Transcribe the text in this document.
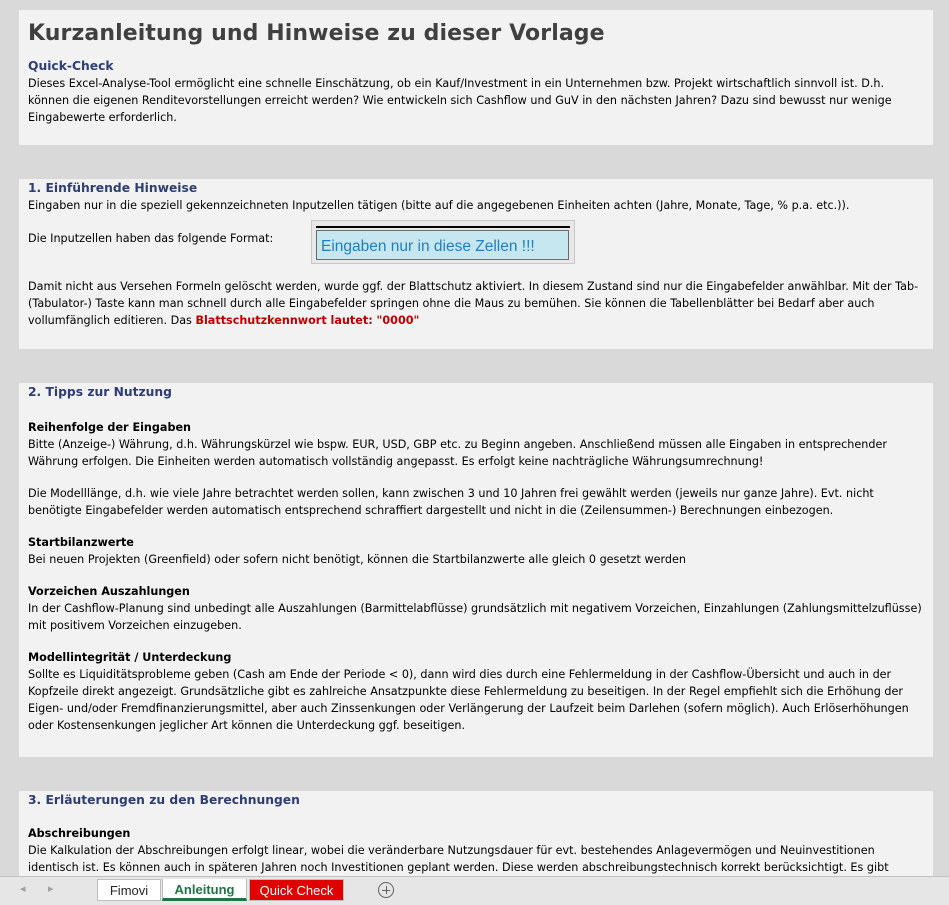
Kurzanleitung und Hinweise zu dieser Vorlage

Quick-Check

Dieses Excel-Analyse-Tool ermöglicht eine schnelle Einschätzung, ob ein Kauf/Investment in ein Unternehmen bzw. Projekt wirtschaftlich sinnvoll ist. D.h. können die eigenen Renditevorstellungen erreicht werden? Wie entwickeln sich Cashflow und GuV in den nächsten Jahren? Dazu sind bewusst nur wenige Eingabewerte erforderlich.

1. Einführende Hinweise

Eingaben nur in die speziell gekennzeichneten Inputzellen tätigen (bitte auf die angegebenen Einheiten achten (Jahre, Monate, Tage, % p.a. etc.)).

Die Inputzellen haben das folgende Format:	Eingaben nur in diese Zellen !!!

Damit nicht aus Versehen Formeln gelöscht werden, wurde ggf. der Blattschutz aktiviert. In diesem Zustand sind nur die Eingabefelder anwählbar. Mit der Tab-(Tabulator-) Taste kann man schnell durch alle Eingabefelder springen ohne die Maus zu bemühen. Sie können die Tabellenblätter bei Bedarf aber auch vollumfänglich editieren. Das Blattschutzkennwort lautet: "0000"

2. Tipps zur Nutzung

Reihenfolge der Eingaben

Bitte (Anzeige-) Währung, d.h. Währungskürzel wie bspw. EUR, USD, GBP etc. zu Beginn angeben. Anschließend müssen alle Eingaben in entsprechender Währung erfolgen. Die Einheiten werden automatisch vollständig angepasst. Es erfolgt keine nachträgliche Währungsumrechnung!

Die Modelllänge, d.h. wie viele Jahre betrachtet werden sollen, kann zwischen 3 und 10 Jahren frei gewählt werden (jeweils nur ganze Jahre). Evt. nicht benötigte Eingabefelder werden automatisch entsprechend schraffiert dargestellt und nicht in die (Zeilensummen-) Berechnungen einbezogen.

Startbilanzwerte

Bei neuen Projekten (Greenfield) oder sofern nicht benötigt, können die Startbilanzwerte alle gleich 0 gesetzt werden

Vorzeichen Auszahlungen

In der Cashflow-Planung sind unbedingt alle Auszahlungen (Barmittelabflüsse) grundsätzlich mit negativem Vorzeichen, Einzahlungen (Zahlungsmittelzuflüsse) mit positivem Vorzeichen einzugeben.

Modellintegrität / Unterdeckung

Sollte es Liquiditätsprobleme geben (Cash am Ende der Periode < 0), dann wird dies durch eine Fehlermeldung in der Cashflow-Übersicht und auch in der Kopfzeile direkt angezeigt. Grundsätzliche gibt es zahlreiche Ansatzpunkte diese Fehlermeldung zu beseitigen. In der Regel empfiehlt sich die Erhöhung der Eigen- und/oder Fremdfinanzierungsmittel, aber auch Zinssenkungen oder Verlängerung der Laufzeit beim Darlehen (sofern möglich). Auch Erlöserhöhungen oder Kostensenkungen jeglicher Art können die Unterdeckung ggf. beseitigen.

3. Erläuterungen zu den Berechnungen

Abschreibungen

Die Kalkulation der Abschreibungen erfolgt linear, wobei die veränderbare Nutzungsdauer für evt. bestehendes Anlagevermögen und Neuinvestitionen identisch ist. Es können auch in späteren Jahren noch Investitionen geplant werden. Diese werden abschreibungstechnisch korrekt berücksichtigt. Es gibt

◂ ▸	Fimovi	Anleitung	Quick Check
